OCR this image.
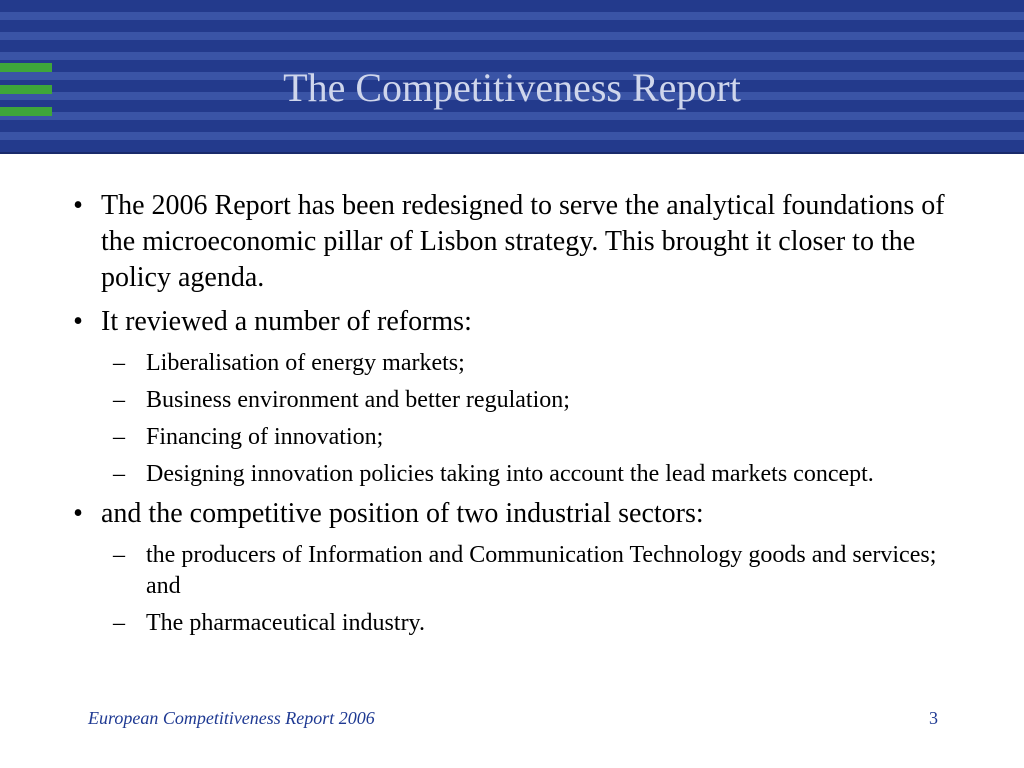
The Competitiveness Report
• The 2006 Report has been redesigned to serve the analytical foundations of the microeconomic pillar of Lisbon strategy. This brought it closer to the policy agenda.
• It reviewed a number of reforms:
– Liberalisation of energy markets;
– Business environment and better regulation;
– Financing of innovation;
– Designing innovation policies taking into account the lead markets concept.
• and the competitive position of two industrial sectors:
– the producers of Information and Communication Technology goods and services; and
– The pharmaceutical industry.
European Competitiveness Report 2006	3
